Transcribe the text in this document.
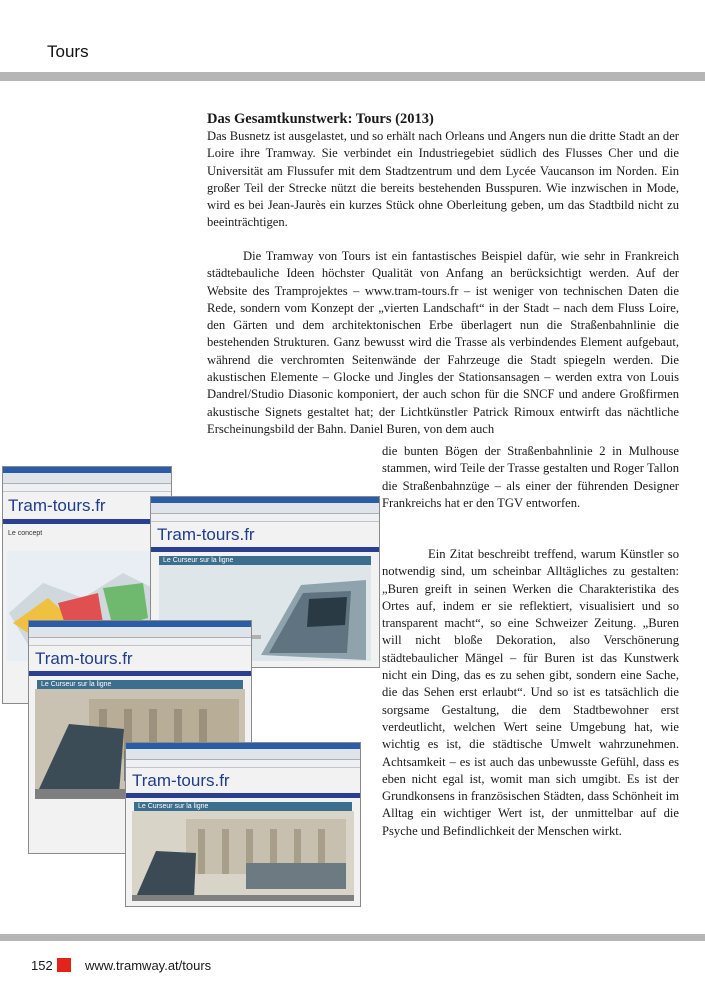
Tours
Das Gesamtkunstwerk: Tours (2013)

Das Busnetz ist ausgelastet, und so erhält nach Orleans und Angers nun die dritte Stadt an der Loire ihre Tramway. Sie verbindet ein Industriegebiet südlich des Flusses Cher und die Universität am Flussufer mit dem Stadtzentrum und dem Lycée Vaucanson im Norden. Ein großer Teil der Strecke nützt die bereits bestehenden Busspuren. Wie inzwischen in Mode, wird es bei Jean-Jaurès ein kurzes Stück ohne Oberleitung geben, um das Stadtbild nicht zu beeinträchtigen.

Die Tramway von Tours ist ein fantastisches Beispiel dafür, wie sehr in Frankreich städtebauliche Ideen höchster Qualität von Anfang an berücksichtigt werden. Auf der Website des Tramprojektes – www.tram-tours.fr – ist weniger von technischen Daten die Rede, sondern vom Konzept der „vierten Landschaft“ in der Stadt – nach dem Fluss Loire, den Gärten und dem architektonischen Erbe überlagert nun die Straßenbahnlinie die bestehenden Strukturen. Ganz bewusst wird die Trasse als verbindendes Element aufgebaut, während die verchromten Seitenwände der Fahrzeuge die Stadt spiegeln werden. Die akustischen Elemente – Glocke und Jingles der Stationsansagen – werden extra von Louis Dandrel/Studio Diasonic komponiert, der auch schon für die SNCF und andere Großfirmen akustische Signets gestaltet hat; der Lichtkünstler Patrick Rimoux entwirft das nächtliche Erscheinungsbild der Bahn. Daniel Buren, von dem auch

die bunten Bögen der Straßenbahnlinie 2 in Mulhouse stammen, wird Teile der Trasse gestalten und Roger Tallon die Straßenbahnzüge – als einer der führenden Designer Frankreichs hat er den TGV entworfen.

Ein Zitat beschreibt treffend, warum Künstler so notwendig sind, um scheinbar Alltägliches zu gestalten: „Buren greift in seinen Werken die Charakteristika des Ortes auf, indem er sie reflektiert, visualisiert und so transparent macht“, so eine Schweizer Zeitung. „Buren will nicht bloße Dekoration, also Verschönerung städtebaulicher Mängel – für Buren ist das Kunstwerk nicht ein Ding, das es zu sehen gibt, sondern eine Sache, die das Sehen erst erlaubt“. Und so ist es tatsächlich die sorgsame Gestaltung, die dem Stadtbewohner erst verdeutlicht, welchen Wert seine Umgebung hat, wie wichtig es ist, die städtische Umwelt wahrzunehmen. Achtsamkeit – es ist auch das unbewusste Gefühl, dass es eben nicht egal ist, womit man sich umgibt. Es ist der Grundkonsens in französischen Städten, dass Schönheit im Alltag ein wichtiger Wert ist, der unmittelbar auf die Psyche und Befindlichkeit der Menschen wirkt.

Tram-tours.fr
Le concept	Tram-tours.fr
Le Curseur sur la ligne
Tram-tours.fr
Le Curseur sur la ligne
Tram-tours.fr
Le Curseur sur la ligne
152 www.tramway.at/tours
